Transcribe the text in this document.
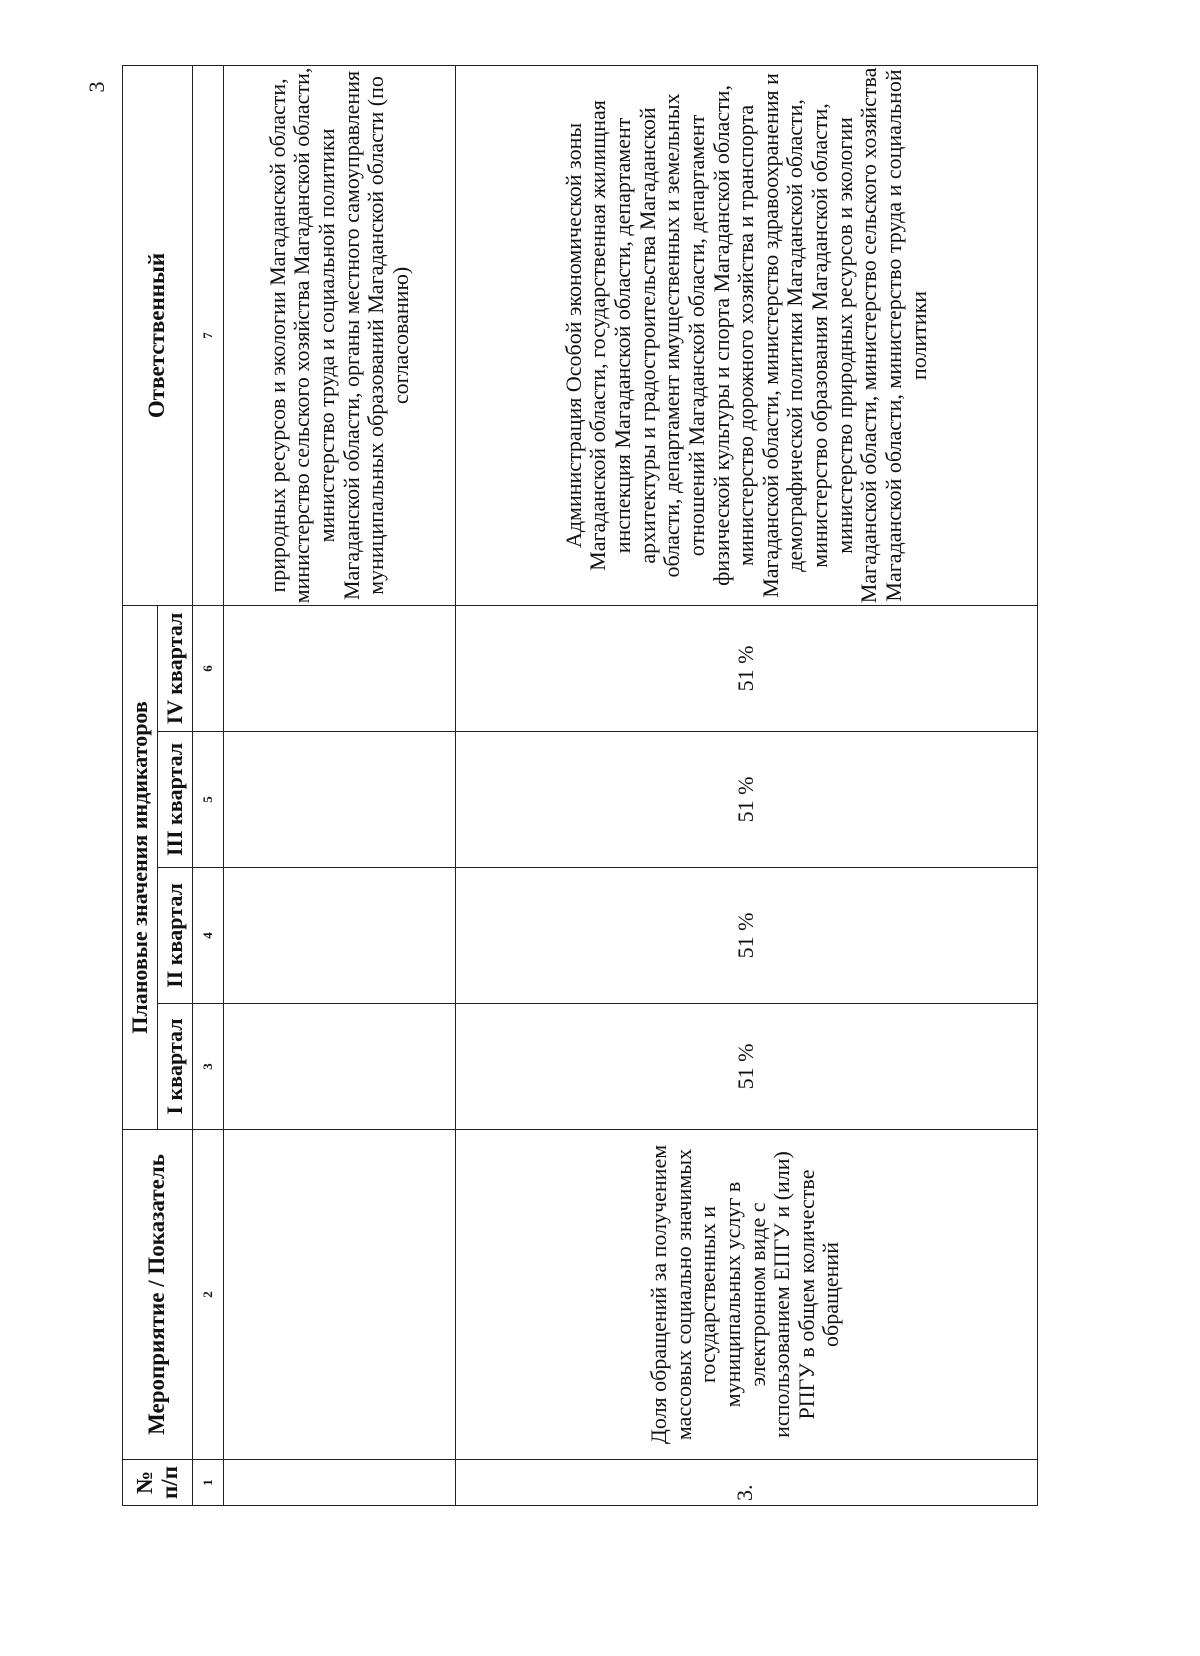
3
№ п/п	Мероприятие / Показатель	Плановые значения индикаторов				Ответственный
		I квартал	II квартал	III квартал	IV квартал	
1	2	3	4	5	6	7
						природных ресурсов и экологии Магаданской области, министерство сельского хозяйства Магаданской области, министерство труда и социальной политики Магаданской области, органы местного самоуправления муниципальных образований Магаданской области (по согласованию)

3.	Доля обращений за получением массовых социально значимых государственных и муниципальных услуг в электронном виде с использованием ЕПГУ и (или) РПГУ в общем количестве обращений	51 %	51 %	51 %	51 %	Администрация Особой экономической зоны Магаданской области, государственная жилищная инспекция Магаданской области, департамент архитектуры и градостроительства Магаданской области, департамент имущественных и земельных отношений Магаданской области, департамент физической культуры и спорта Магаданской области, министерство дорожного хозяйства и транспорта Магаданской области, министерство здравоохранения и демографической политики Магаданской области, министерство образования Магаданской области, министерство природных ресурсов и экологии Магаданской области, министерство сельского хозяйства Магаданской области, министерство труда и социальной политики
